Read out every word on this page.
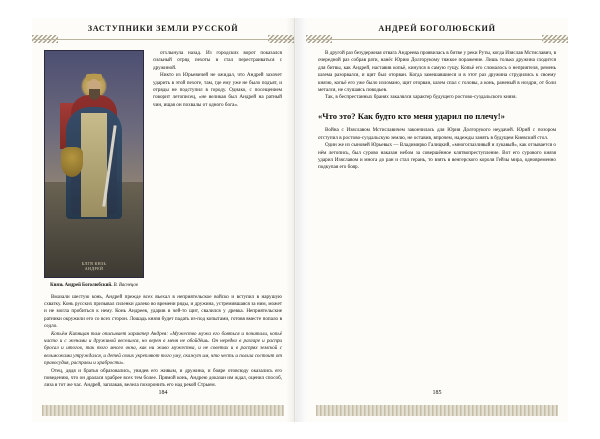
ЗАСТУПНИКИ ЗЕМЛИ РУССКОЙ
БЛГВ КНЗЬ
АНДРЕЙ
Князь Андрей Боголюбский. В. Васнецов

отхлынула назад. Из городских ворот показался сильный отряд пехоты и стал перестраиваться с дружиной.

Никто из Юрьевичей не ожидал, что Андрей захочет ударить в этой пехоте, там, где ему уже не было подъят, и отряды не подступил в городу. Однако, с посещением говорит летописец, «не великая был Андрей на ратный чин, ищая он похвалы от одного бога».

Вмазали шестую конь, Андрей прежде всех въехал в неприятельское войско и вступил в нарушую схватку. Конь русских призывал силенки далеко во времени ряды, и дружина, устремившаяся за ним, может и не могла пробиться к нему. Конь Андреев, ударив в чей-то щит, свалился у древка. Неприятельские ратники окружили его со всех сторон. Лошадь князя будет падать из-под копытами, готовя вместе попало в седло.

Копьём Кипящая там описывает характер Андрея: «Мужество мужа его бояться и почитали, копьё часто и с женами и дружиной веселился, но верен в меня не обойдёшь. Он нередко в разгаре и распри бросал и итогов, так того много окна, как ни живо мужества, и не советах и в распрях земской с вельможами утруждался, и детей своих укрепляют того уму, скажут им, что честь и польза состоит от правосудия, расправы и храбрости».

Отец, дядя и братья образовались, увидев его живым, и дружина, и бояре отовсюду оказались его поведению, что он дралася храбрее всех тем более. Прямой конь, Андрею доказан им ждал, оценил способ, лиза в тот же час. Андрей, заплакав, велела похоронить его над рекой Стрыем.

184
АНДРЕЙ БОГОЛЮБСКИЙ

В другой раз безудержная отвага Андреева проявилась в битве у реки Руты, когда Изяслав Мстиславич, в очередной раз собрав рати, нанёс Юрию Долгорукому тяжкое поражение. Лишь только дружина сходится для битвы, как Андрей, наставив копьё, кинулся в самую гущу. Копьё его сломалось о неприятеля, ремень шлема разорвался, и щит был оторван. Когда замешавшиеся и в этот раз дружина сгрудились к своему князю, копьё его уже было изломано, щит оторван, шлем спал с головы, а конь, раненый в ноздри, от боли метался, не слушаясь поводьев.

Так, в беспрестанных бранях закалялся характер будущего ростово-суздальского князя.

«Что это? Как будто кто меня ударил по плечу!»

Война с Изяславом Мстиславичем закончилась для Юрия Долгорукого неудачей. Юрий с позором отступил в ростово-суздальскую землю, не оставив, впрочем, надежды занять в будущем Киевский стол.

Один же из сыновей Юрьевых — Владимирко Галицкий, «многоглазливый и лукавый», как отзывается о нём летопись, был сурово наказан небом за совершённое клятвопреступление. Вот его сурового князя ударил Изяславом и многа до ран и стал герань, то взять в венгерского короля Гейзы мира, одновременно подкупая его бояр.

185
